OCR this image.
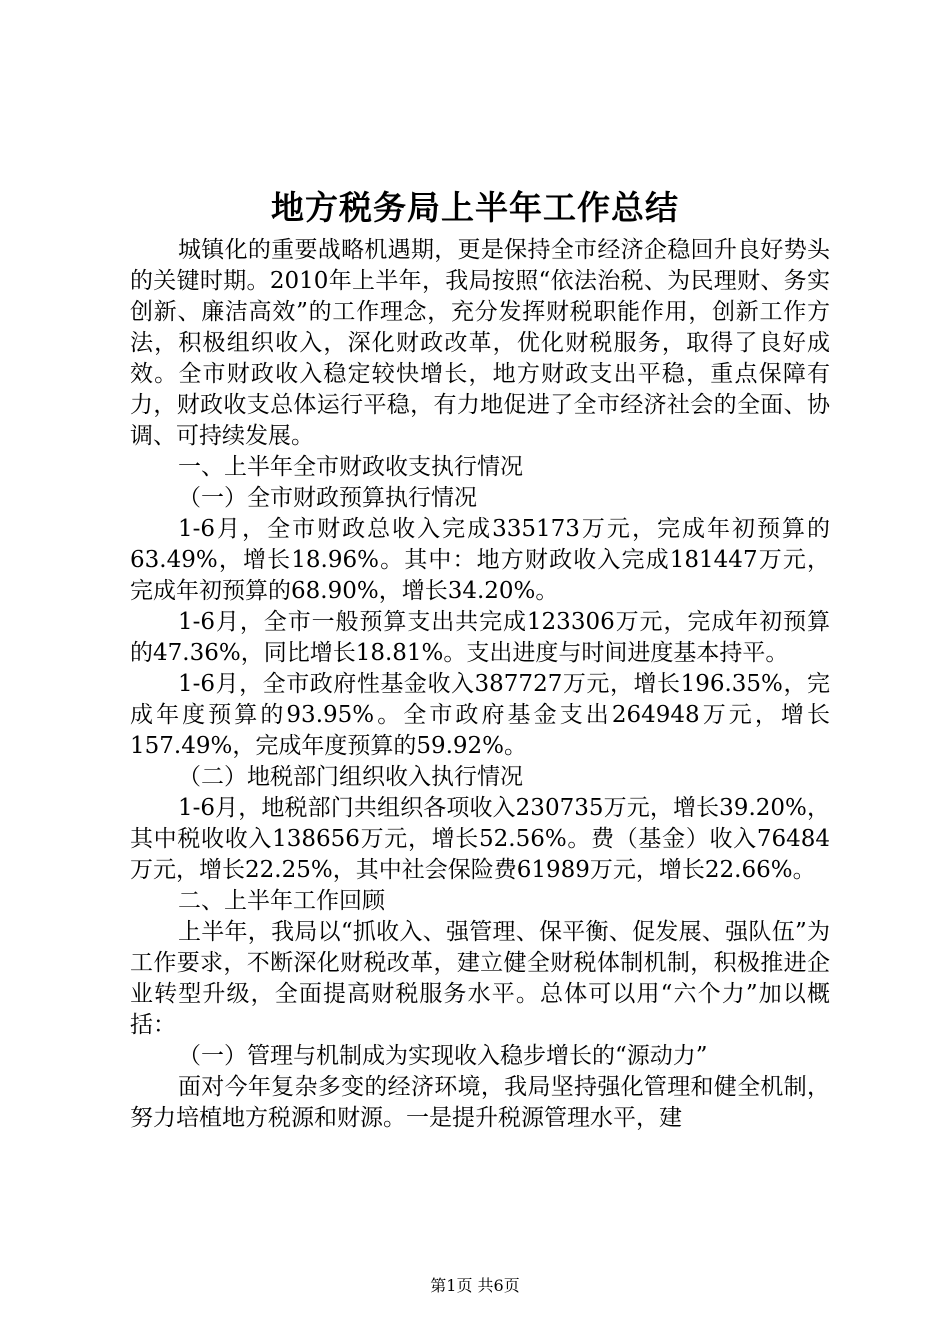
地方税务局上半年工作总结

城镇化的重要战略机遇期，更是保持全市经济企稳回升良好势头的关键时期。2010年上半年，我局按照“依法治税、为民理财、务实创新、廉洁高效”的工作理念，充分发挥财税职能作用，创新工作方法，积极组织收入，深化财政改革，优化财税服务，取得了良好成效。全市财政收入稳定较快增长，地方财政支出平稳，重点保障有力，财政收支总体运行平稳，有力地促进了全市经济社会的全面、协调、可持续发展。

一、上半年全市财政收支执行情况

（一）全市财政预算执行情况

1-6月，全市财政总收入完成335173万元，完成年初预算的63.49%，增长18.96%。其中：地方财政收入完成181447万元，完成年初预算的68.90%，增长34.20%。

1-6月，全市一般预算支出共完成123306万元，完成年初预算的47.36%，同比增长18.81%。支出进度与时间进度基本持平。

1-6月，全市政府性基金收入387727万元，增长196.35%，完成年度预算的93.95%。全市政府基金支出264948万元，增长157.49%，完成年度预算的59.92%。

（二）地税部门组织收入执行情况

1-6月，地税部门共组织各项收入230735万元，增长39.20%，其中税收收入138656万元，增长52.56%。费（基金）收入76484万元，增长22.25%，其中社会保险费61989万元，增长22.66%。

二、上半年工作回顾

上半年，我局以“抓收入、强管理、保平衡、促发展、强队伍”为工作要求，不断深化财税改革，建立健全财税体制机制，积极推进企业转型升级，全面提高财税服务水平。总体可以用“六个力”加以概括：

（一）管理与机制成为实现收入稳步增长的“源动力”

面对今年复杂多变的经济环境，我局坚持强化管理和健全机制，努力培植地方税源和财源。一是提升税源管理水平，建

第1页 共6页
